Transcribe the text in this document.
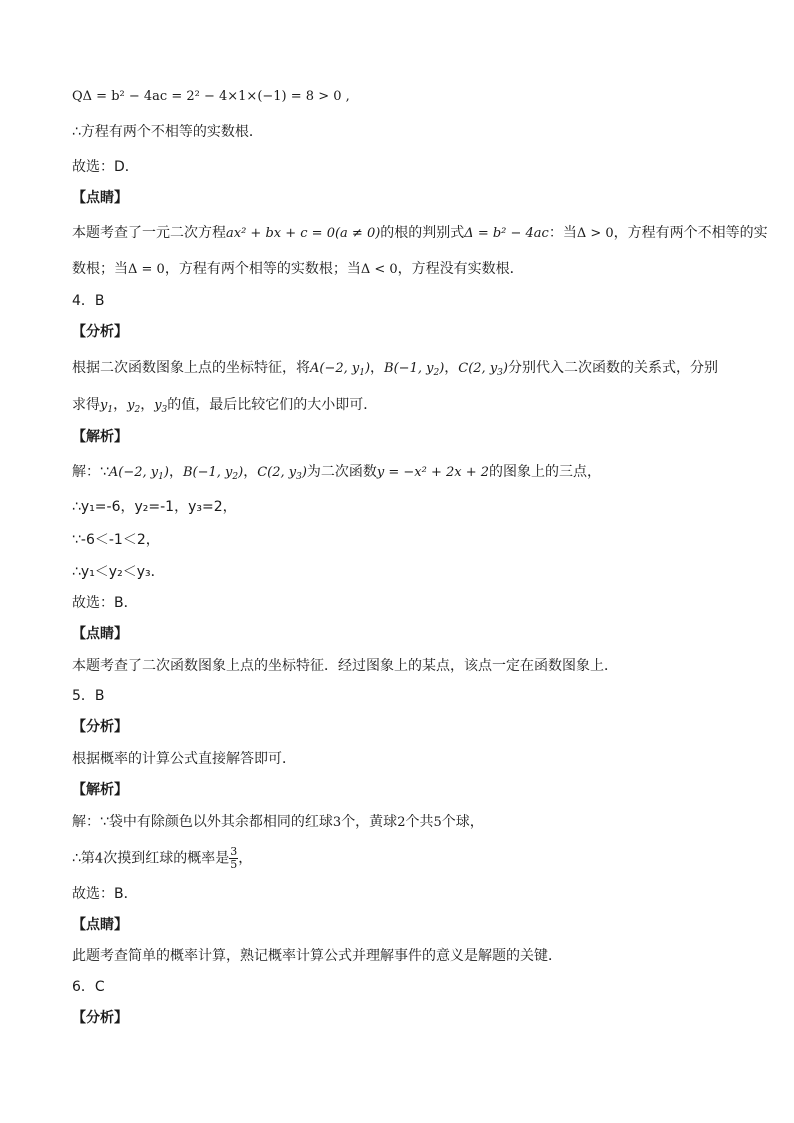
QΔ = b² − 4ac = 2² − 4×1×(−1) = 8 > 0 ,
∴方程有两个不相等的实数根．
故选：D．
【点睛】
本题考查了一元二次方程ax² + bx + c = 0(a ≠ 0)的根的判别式Δ = b² − 4ac：当Δ > 0，方程有两个不相等的实
数根；当Δ = 0，方程有两个相等的实数根；当Δ < 0，方程没有实数根．
4．B
【分析】
根据二次函数图象上点的坐标特征，将A(−2, $y_1$)，B(−1, $y_2$)，C(2, $y_3$)分别代入二次函数的关系式，分别
求得$y_1$，$y_2$，$y_3$的值，最后比较它们的大小即可．
【解析】
解：∵A(−2, $y_1$)，B(−1, $y_2$)，C(2, $y_3$)为二次函数y = −x² + 2x + 2的图象上的三点，
∴y₁=-6，y₂=-1，y₃=2，
∵-6＜-1＜2，
∴y₁＜y₂＜y₃．
故选：B．
【点睛】
本题考查了二次函数图象上点的坐标特征．经过图象上的某点，该点一定在函数图象上．
5．B
【分析】
根据概率的计算公式直接解答即可．
【解析】
解：∵袋中有除颜色以外其余都相同的红球3个，黄球2个共5个球，
∴第4次摸到红球的概率是 $\frac{3}{5}$ ，
故选：B．
【点睛】
此题考查简单的概率计算，熟记概率计算公式并理解事件的意义是解题的关键．
6．C
【分析】
